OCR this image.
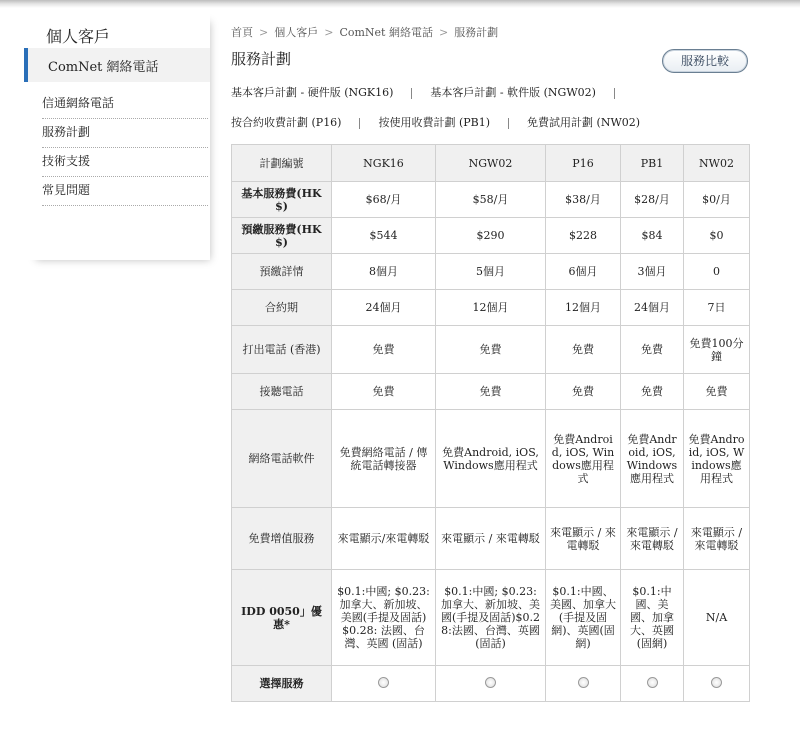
個人客戶
ComNet 網絡電話
信通網絡電話
服務計劃
技術支援
常見問題
首頁 > 個人客戶 > ComNet 網絡電話 > 服務計劃
服務計劃	服務比較
基本客戶計劃 - 硬件版 (NGK16)	基本客戶計劃 - 軟件版 (NGW02)
按合約收費計劃 (P16)	按使用收費計劃 (PB1)	免費試用計劃 (NW02)
計劃編號	NGK16	NGW02	P16	PB1	NW02
基本服務費(HK$)	$68/月	$58/月	$38/月	$28/月	$0/月
預繳服務費(HK$)	$544	$290	$228	$84	$0
預繳詳情	8個月	5個月	6個月	3個月	0
合約期	24個月	12個月	12個月	24個月	7日
打出電話 (香港)	免費	免費	免費	免費	免費100分鐘
接聽電話	免費	免費	免費	免費	免費
網絡電話軟件	免費網絡電話 / 傳統電話轉接器	免費Android, iOS, Windows應用程式	免費Android, iOS, Windows應用程式	免費Android, iOS, Windows應用程式	免費Android, iOS, Windows應用程式
免費增值服務	來電顯示/來電轉駁	來電顯示 / 來電轉駁	來電顯示 / 來電轉駁	來電顯示 / 來電轉駁	來電顯示 / 來電轉駁
IDD 0050」優惠*	$0.1:中國; $0.23:加拿大、新加坡、美國(手提及固話)$0.28: 法國、台灣、英國 (固話)	$0.1:中國; $0.23:加拿大、新加坡、美國(手提及固話)$0.28:法國、台灣、英國(固話)	$0.1:中國、美國、加拿大(手提及固網)、英國(固網)	$0.1:中國、美國、加拿大、英國(固網)	N/A
選擇服務					
